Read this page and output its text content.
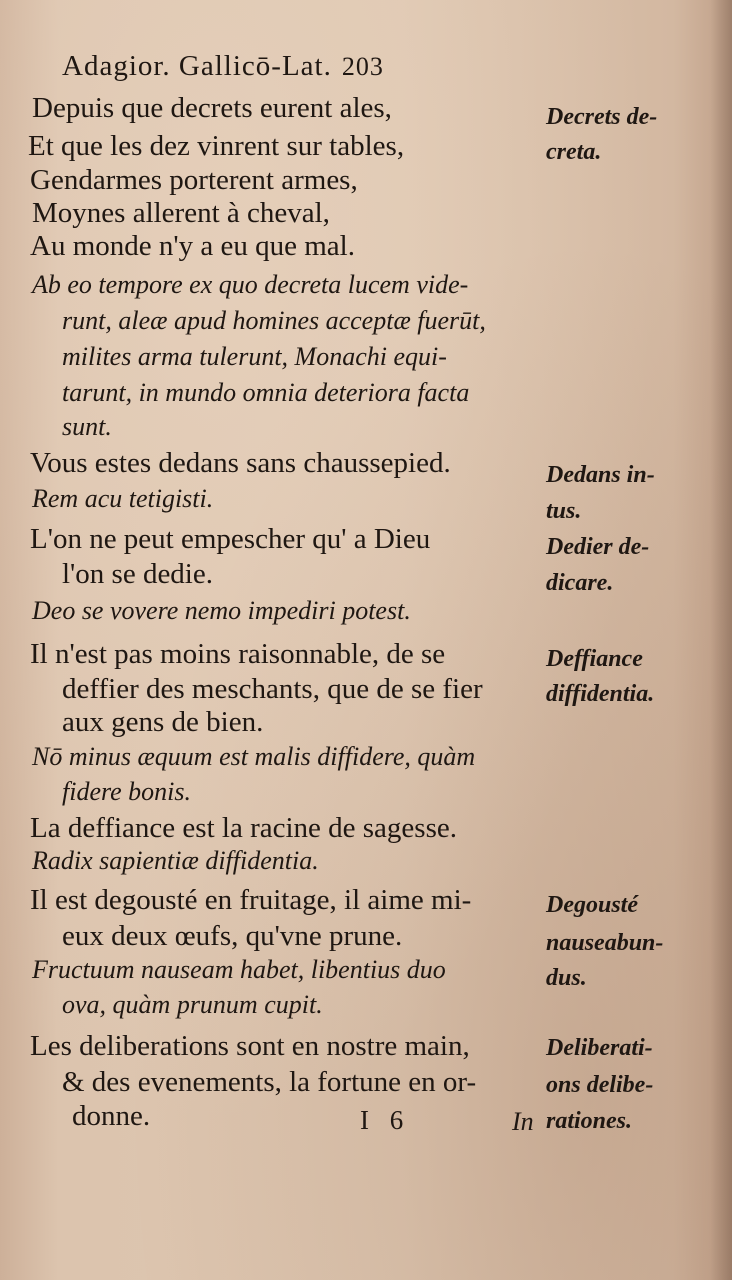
Adagior. Gallicō-Lat. 203
Depuis que decrets eurent ales,
Et que les dez vinrent sur tables,
Gendarmes porterent armes,
Moynes allerent à cheval,
Au monde n'y a eu que mal.
Ab eo tempore ex quo decreta lucem vide-
runt, aleæ apud homines acceptæ fuerūt,
milites arma tulerunt, Monachi equi-
tarunt, in mundo omnia deteriora facta
sunt.
Vous estes dedans sans chaussepied.
Rem acu tetigisti.
L'on ne peut empescher qu' a Dieu
l'on se dedie.
Deo se vovere nemo impediri potest.
Il n'est pas moins raisonnable, de se
deffier des meschants, que de se fier
aux gens de bien.
Nō minus æquum est malis diffidere, quàm
fidere bonis.
La deffiance est la racine de sagesse.
Radix sapientiæ diffidentia.
Il est degousté en fruitage, il aime mi-
eux deux œufs, qu'vne prune.
Fructuum nauseam habet, libentius duo
ova, quàm prunum cupit.
Les deliberations sont en nostre main,
& des evenements, la fortune en or-
donne.	I 6	In
Decrets de-
creta.
Dedans in-
tus.
Dedier de-
dicare.
Deffiance
diffidentia.
Degousté
nauseabun-
dus.
Deliberati-
ons delibe-
rationes.
